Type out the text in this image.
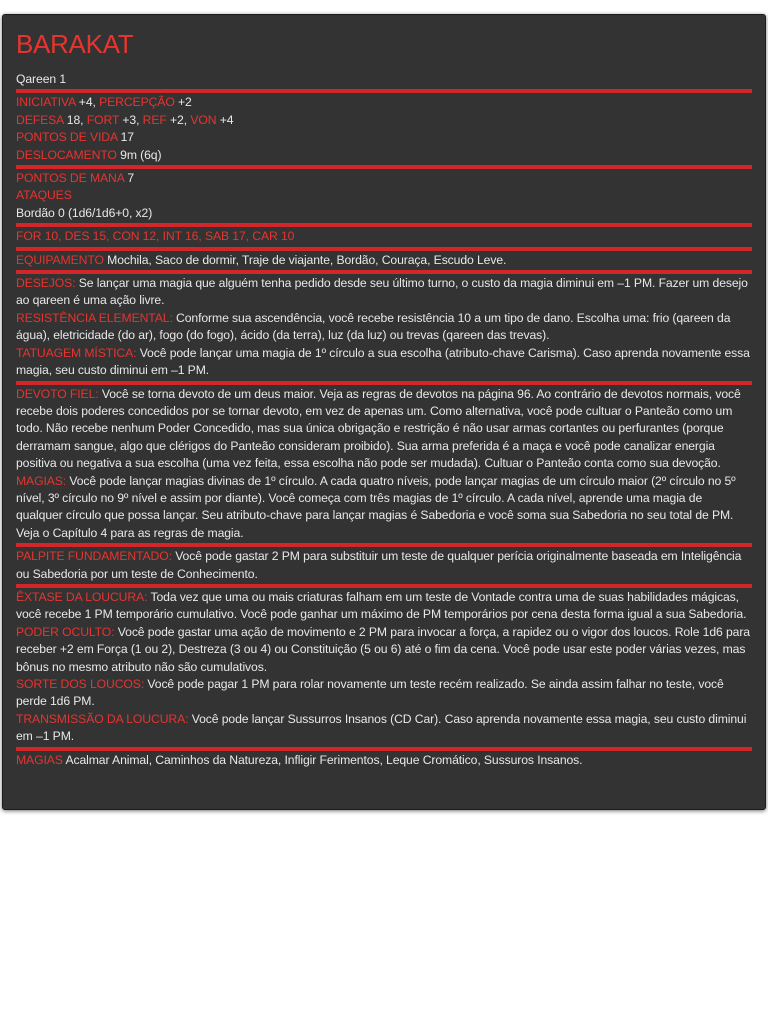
BARAKAT
Qareen 1
INICIATIVA +4, PERCEPÇÃO +2
DEFESA 18, FORT +3, REF +2, VON +4
PONTOS DE VIDA 17
DESLOCAMENTO 9m (6q)
PONTOS DE MANA 7
ATAQUES
Bordão 0 (1d6/1d6+0, x2)
FOR 10, DES 15, CON 12, INT 16, SAB 17, CAR 10
EQUIPAMENTO Mochila, Saco de dormir, Traje de viajante, Bordão, Couraça, Escudo Leve.
DESEJOS: Se lançar uma magia que alguém tenha pedido desde seu último turno, o custo da magia diminui em –1 PM. Fazer um desejo ao qareen é uma ação livre.
RESISTÊNCIA ELEMENTAL: Conforme sua ascendência, você recebe resistência 10 a um tipo de dano. Escolha uma: frio (qareen da água), eletricidade (do ar), fogo (do fogo), ácido (da terra), luz (da luz) ou trevas (qareen das trevas).
TATUAGEM MÍSTICA: Você pode lançar uma magia de 1º círculo a sua escolha (atributo-chave Carisma). Caso aprenda novamente essa magia, seu custo diminui em –1 PM.
DEVOTO FIEL: Você se torna devoto de um deus maior. Veja as regras de devotos na página 96. Ao contrário de devotos normais, você recebe dois poderes concedidos por se tornar devoto, em vez de apenas um. Como alternativa, você pode cultuar o Panteão como um todo. Não recebe nenhum Poder Concedido, mas sua única obrigação e restrição é não usar armas cortantes ou perfurantes (porque derramam sangue, algo que clérigos do Panteão consideram proibido). Sua arma preferida é a maça e você pode canalizar energia positiva ou negativa a sua escolha (uma vez feita, essa escolha não pode ser mudada). Cultuar o Panteão conta como sua devoção.
MAGIAS: Você pode lançar magias divinas de 1º círculo. A cada quatro níveis, pode lançar magias de um círculo maior (2º círculo no 5º nível, 3º círculo no 9º nível e assim por diante). Você começa com três magias de 1º círculo. A cada nível, aprende uma magia de qualquer círculo que possa lançar. Seu atributo-chave para lançar magias é Sabedoria e você soma sua Sabedoria no seu total de PM. Veja o Capítulo 4 para as regras de magia.
PALPITE FUNDAMENTADO: Você pode gastar 2 PM para substituir um teste de qualquer perícia originalmente baseada em Inteligência ou Sabedoria por um teste de Conhecimento.
ÊXTASE DA LOUCURA: Toda vez que uma ou mais criaturas falham em um teste de Vontade contra uma de suas habilidades mágicas, você recebe 1 PM temporário cumulativo. Você pode ganhar um máximo de PM temporários por cena desta forma igual a sua Sabedoria.
PODER OCULTO: Você pode gastar uma ação de movimento e 2 PM para invocar a força, a rapidez ou o vigor dos loucos. Role 1d6 para receber +2 em Força (1 ou 2), Destreza (3 ou 4) ou Constituição (5 ou 6) até o fim da cena. Você pode usar este poder várias vezes, mas bônus no mesmo atributo não são cumulativos.
SORTE DOS LOUCOS: Você pode pagar 1 PM para rolar novamente um teste recém realizado. Se ainda assim falhar no teste, você perde 1d6 PM.
TRANSMISSÃO DA LOUCURA: Você pode lançar Sussurros Insanos (CD Car). Caso aprenda novamente essa magia, seu custo diminui em –1 PM.
MAGIAS Acalmar Animal, Caminhos da Natureza, Infligir Ferimentos, Leque Cromático, Sussuros Insanos.
